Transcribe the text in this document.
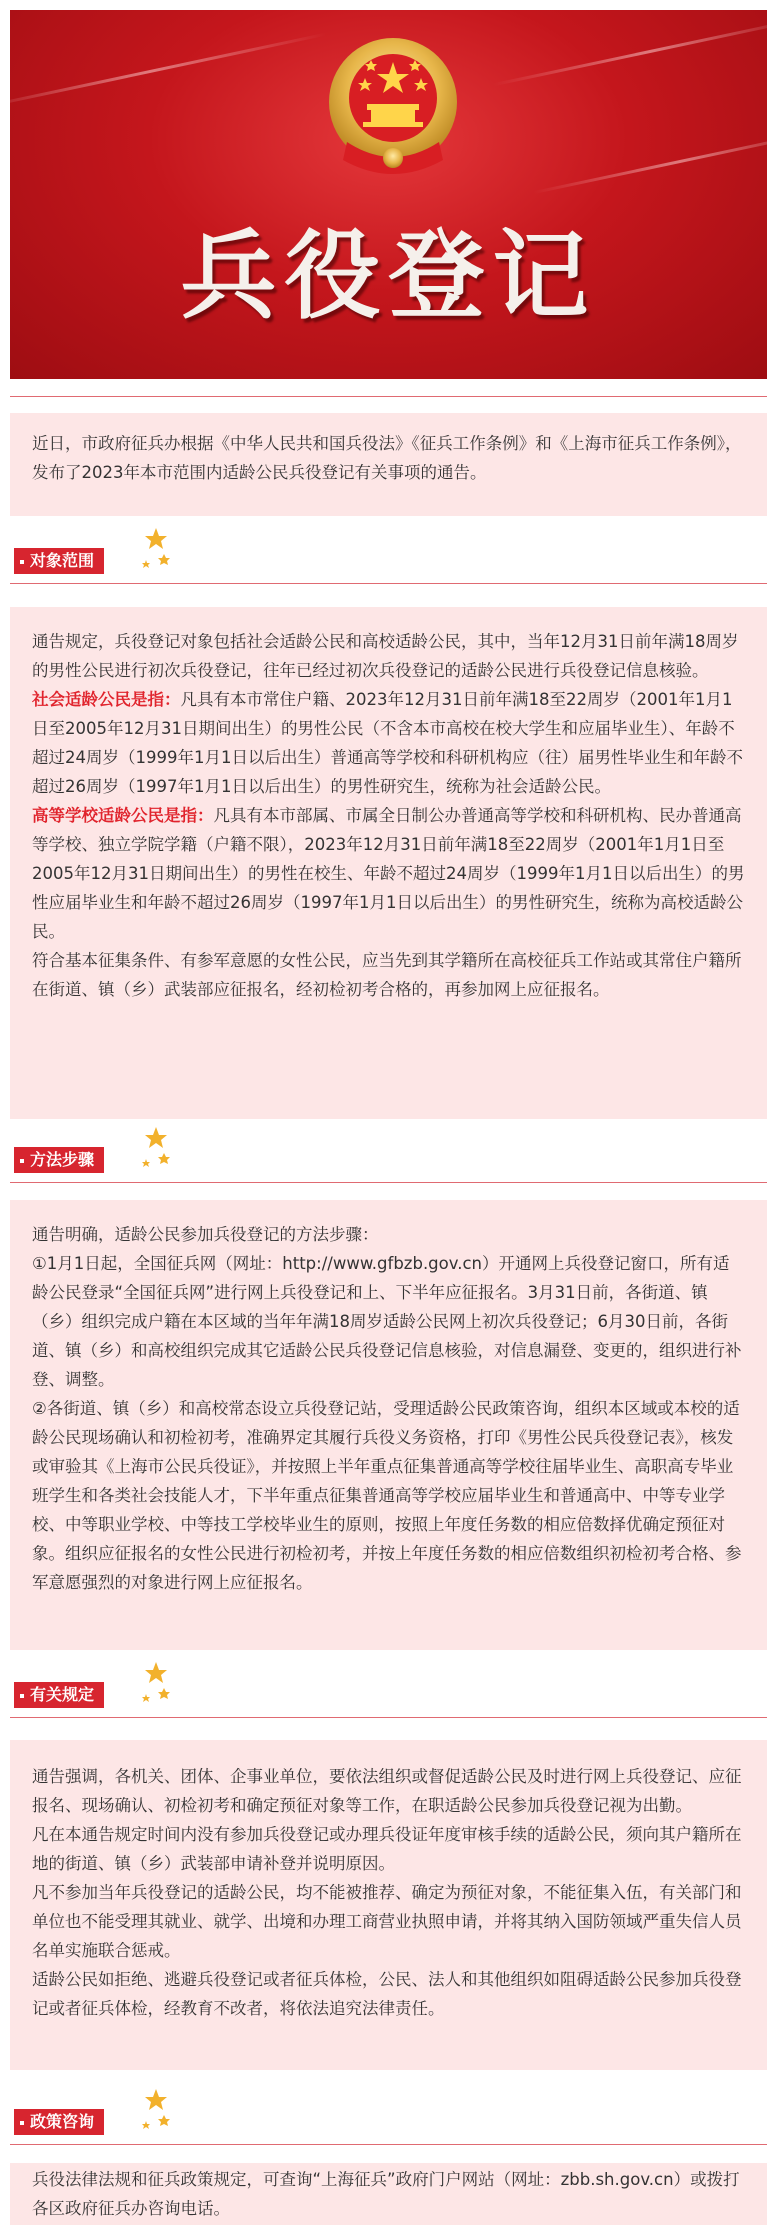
兵役登记

近日，市政府征兵办根据《中华人民共和国兵役法》《征兵工作条例》和《上海市征兵工作条例》，发布了2023年本市范围内适龄公民兵役登记有关事项的通告。

对象范围

通告规定，兵役登记对象包括社会适龄公民和高校适龄公民，其中，当年12月31日前年满18周岁的男性公民进行初次兵役登记，往年已经过初次兵役登记的适龄公民进行兵役登记信息核验。

社会适龄公民是指：凡具有本市常住户籍、2023年12月31日前年满18至22周岁（2001年1月1日至2005年12月31日期间出生）的男性公民（不含本市高校在校大学生和应届毕业生）、年龄不超过24周岁（1999年1月1日以后出生）普通高等学校和科研机构应（往）届男性毕业生和年龄不超过26周岁（1997年1月1日以后出生）的男性研究生，统称为社会适龄公民。

高等学校适龄公民是指：凡具有本市部属、市属全日制公办普通高等学校和科研机构、民办普通高等学校、独立学院学籍（户籍不限），2023年12月31日前年满18至22周岁（2001年1月1日至2005年12月31日期间出生）的男性在校生、年龄不超过24周岁（1999年1月1日以后出生）的男性应届毕业生和年龄不超过26周岁（1997年1月1日以后出生）的男性研究生，统称为高校适龄公民。

符合基本征集条件、有参军意愿的女性公民，应当先到其学籍所在高校征兵工作站或其常住户籍所在街道、镇（乡）武装部应征报名，经初检初考合格的，再参加网上应征报名。

方法步骤

通告明确，适龄公民参加兵役登记的方法步骤：

①1月1日起，全国征兵网（网址：http://www.gfbzb.gov.cn）开通网上兵役登记窗口，所有适龄公民登录“全国征兵网”进行网上兵役登记和上、下半年应征报名。3月31日前，各街道、镇（乡）组织完成户籍在本区域的当年年满18周岁适龄公民网上初次兵役登记；6月30日前，各街道、镇（乡）和高校组织完成其它适龄公民兵役登记信息核验，对信息漏登、变更的，组织进行补登、调整。

②各街道、镇（乡）和高校常态设立兵役登记站，受理适龄公民政策咨询，组织本区域或本校的适龄公民现场确认和初检初考，准确界定其履行兵役义务资格，打印《男性公民兵役登记表》，核发或审验其《上海市公民兵役证》，并按照上半年重点征集普通高等学校往届毕业生、高职高专毕业班学生和各类社会技能人才，下半年重点征集普通高等学校应届毕业生和普通高中、中等专业学校、中等职业学校、中等技工学校毕业生的原则，按照上年度任务数的相应倍数择优确定预征对象。组织应征报名的女性公民进行初检初考，并按上年度任务数的相应倍数组织初检初考合格、参军意愿强烈的对象进行网上应征报名。

有关规定

通告强调，各机关、团体、企事业单位，要依法组织或督促适龄公民及时进行网上兵役登记、应征报名、现场确认、初检初考和确定预征对象等工作，在职适龄公民参加兵役登记视为出勤。

凡在本通告规定时间内没有参加兵役登记或办理兵役证年度审核手续的适龄公民，须向其户籍所在地的街道、镇（乡）武装部申请补登并说明原因。

凡不参加当年兵役登记的适龄公民，均不能被推荐、确定为预征对象，不能征集入伍，有关部门和单位也不能受理其就业、就学、出境和办理工商营业执照申请，并将其纳入国防领域严重失信人员名单实施联合惩戒。

适龄公民如拒绝、逃避兵役登记或者征兵体检，公民、法人和其他组织如阻碍适龄公民参加兵役登记或者征兵体检，经教育不改者，将依法追究法律责任。

政策咨询

兵役法律法规和征兵政策规定，可查询“上海征兵”政府门户网站（网址：zbb.sh.gov.cn）或拨打各区政府征兵办咨询电话。
